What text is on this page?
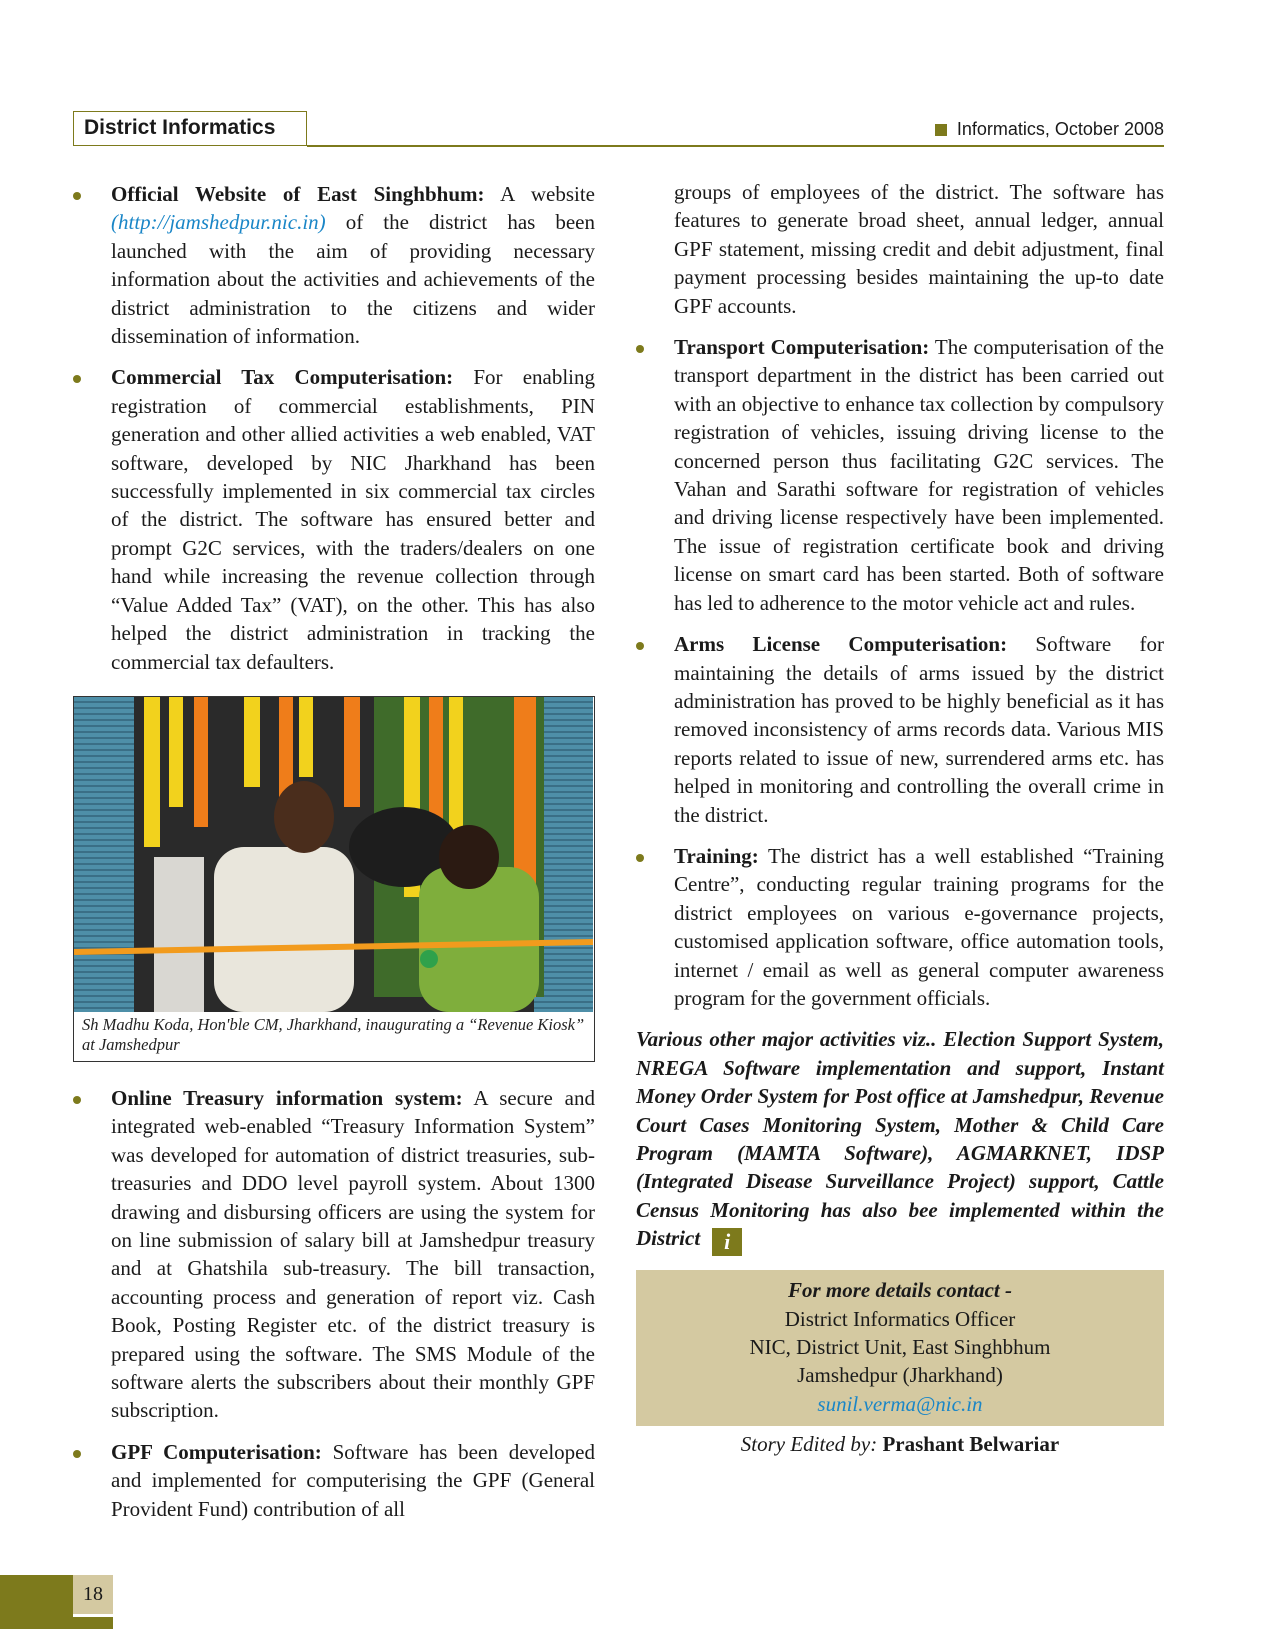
District Informatics	Informatics, October 2008

Official Website of East Singhbhum: A website (http://jamshedpur.nic.in) of the district has been launched with the aim of providing necessary information about the activities and achievements of the district administration to the citizens and wider dissemination of information.

Commercial Tax Computerisation: For enabling registration of commercial establishments, PIN generation and other allied activities a web enabled, VAT software, developed by NIC Jharkhand has been successfully implemented in six commercial tax circles of the district. The software has ensured better and prompt G2C services, with the traders/dealers on one hand while increasing the revenue collection through “Value Added Tax” (VAT), on the other. This has also helped the district administration in tracking the commercial tax defaulters.

Sh Madhu Koda, Hon'ble CM, Jharkhand, inaugurating a “Revenue Kiosk” at Jamshedpur

Online Treasury information system: A secure and integrated web-enabled “Treasury Information System” was developed for automation of district treasuries, sub-treasuries and DDO level payroll system. About 1300 drawing and disbursing officers are using the system for on line submission of salary bill at Jamshedpur treasury and at Ghatshila sub-treasury. The bill transaction, accounting process and generation of report viz. Cash Book, Posting Register etc. of the district treasury is prepared using the software. The SMS Module of the software alerts the subscribers about their monthly GPF subscription.

GPF Computerisation: Software has been developed and implemented for computerising the GPF (General Provident Fund) contribution of all

groups of employees of the district. The software has features to generate broad sheet, annual ledger, annual GPF statement, missing credit and debit adjustment, final payment processing besides maintaining the up-to date GPF accounts.

Transport Computerisation: The computerisation of the transport department in the district has been carried out with an objective to enhance tax collection by compulsory registration of vehicles, issuing driving license to the concerned person thus facilitating G2C services. The Vahan and Sarathi software for registration of vehicles and driving license respectively have been implemented. The issue of registration certificate book and driving license on smart card has been started. Both of software has led to adherence to the motor vehicle act and rules.

Arms License Computerisation: Software for maintaining the details of arms issued by the district administration has proved to be highly beneficial as it has removed inconsistency of arms records data. Various MIS reports related to issue of new, surrendered arms etc. has helped in monitoring and controlling the overall crime in the district.

Training: The district has a well established “Training Centre”, conducting regular training programs for the district employees on various e-governance projects, customised application software, office automation tools, internet / email as well as general computer awareness program for the government officials.

Various other major activities viz.. Election Support System, NREGA Software implementation and support, Instant Money Order System for Post office at Jamshedpur, Revenue Court Cases Monitoring System, Mother & Child Care Program (MAMTA Software), AGMARKNET, IDSP (Integrated Disease Surveillance Project) support, Cattle Census Monitoring has also bee implemented within the District i

For more details contact -
District Informatics Officer
NIC, District Unit, East Singhbhum
Jamshedpur (Jharkhand)
sunil.verma@nic.in
Story Edited by: Prashant Belwariar
18
